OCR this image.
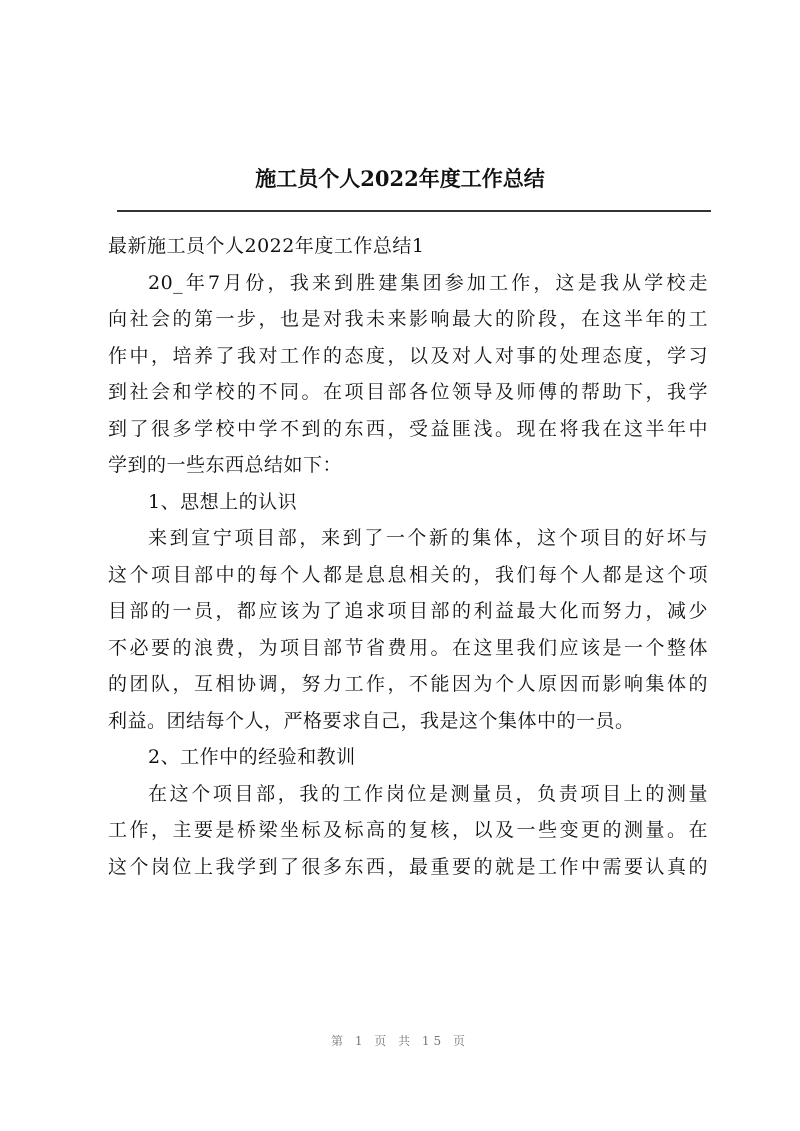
施工员个人2022年度工作总结
最新施工员个人2022年度工作总结1
20_年7月份，我来到胜建集团参加工作，这是我从学校走
向社会的第一步，也是对我未来影响最大的阶段，在这半年的工
作中，培养了我对工作的态度，以及对人对事的处理态度，学习
到社会和学校的不同。在项目部各位领导及师傅的帮助下，我学
到了很多学校中学不到的东西，受益匪浅。现在将我在这半年中
学到的一些东西总结如下：
1、思想上的认识
来到宣宁项目部，来到了一个新的集体，这个项目的好坏与
这个项目部中的每个人都是息息相关的，我们每个人都是这个项
目部的一员，都应该为了追求项目部的利益最大化而努力，减少
不必要的浪费，为项目部节省费用。在这里我们应该是一个整体
的团队，互相协调，努力工作，不能因为个人原因而影响集体的
利益。团结每个人，严格要求自己，我是这个集体中的一员。
2、工作中的经验和教训
在这个项目部，我的工作岗位是测量员，负责项目上的测量
工作，主要是桥梁坐标及标高的复核，以及一些变更的测量。在
这个岗位上我学到了很多东西，最重要的就是工作中需要认真的
第 1 页 共 15 页
